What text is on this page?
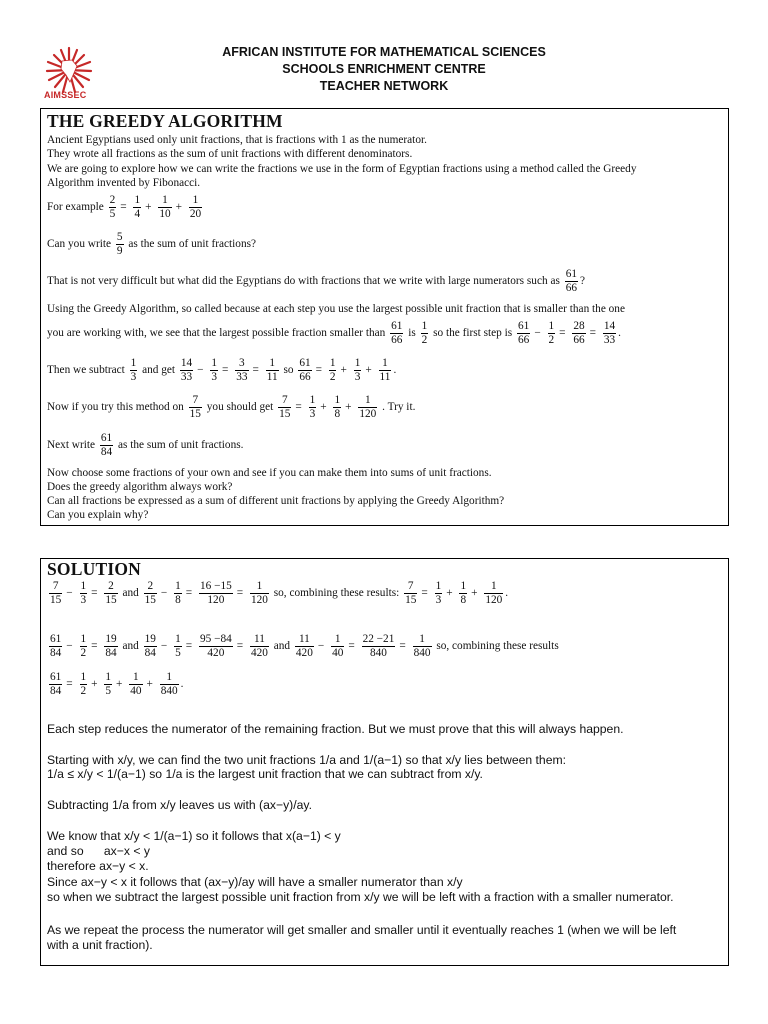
AIMSSEC
AFRICAN INSTITUTE FOR MATHEMATICAL SCIENCES
SCHOOLS ENRICHMENT CENTRE
TEACHER NETWORK
THE GREEDY ALGORITHM
Ancient Egyptians used only unit fractions, that is fractions with 1 as the numerator.
They wrote all fractions as the sum of unit fractions with different denominators.
We are going to explore how we can write the fractions we use in the form of Egyptian fractions using a method called the Greedy
Algorithm invented by Fibonacci.
For example $\frac{2}{5} = \frac{1}{4} + \frac{1}{10} + \frac{1}{20}$
Can you write $\frac{5}{9}$ as the sum of unit fractions?
That is not very difficult but what did the Egyptians do with fractions that we write with large numerators such as $\frac{61}{66}$ ?
Using the Greedy Algorithm, so called because at each step you use the largest possible unit fraction that is smaller than the one
you are working with, we see that the largest possible fraction smaller than $\frac{61}{66}$ is $\frac{1}{2}$ so the first step is $\frac{61}{66} - \frac{1}{2} = \frac{28}{66} = \frac{14}{33}$ .
Then we subtract $\frac{1}{3}$ and get $\frac{14}{33} - \frac{1}{3} = \frac{3}{33} = \frac{1}{11}$ so $\frac{61}{66} = \frac{1}{2} + \frac{1}{3} + \frac{1}{11}$ .
Now if you try this method on $\frac{7}{15}$ you should get $\frac{7}{15} = \frac{1}{3} + \frac{1}{8} + \frac{1}{120}$ . Try it.
Next write $\frac{61}{84}$ as the sum of unit fractions.
Now choose some fractions of your own and see if you can make them into sums of unit fractions.
Does the greedy algorithm always work?
Can all fractions be expressed as a sum of different unit fractions by applying the Greedy Algorithm?
Can you explain why?
SOLUTION
$\frac{7}{15} - \frac{1}{3} = \frac{2}{15}$ and $\frac{2}{15} - \frac{1}{8} = \frac{16 -15}{120} = \frac{1}{120}$ so, combining these results: $\frac{7}{15} = \frac{1}{3} + \frac{1}{8} + \frac{1}{120}$ .
$\frac{61}{84} - \frac{1}{2} = \frac{19}{84}$ and $\frac{19}{84} - \frac{1}{5} = \frac{95 -84}{420} = \frac{11}{420}$ and $\frac{11}{420} - \frac{1}{40} = \frac{22 -21}{840} = \frac{1}{840}$ so, combining these results
$\frac{61}{84} = \frac{1}{2} + \frac{1}{5} + \frac{1}{40} + \frac{1}{840}$ .
Each step reduces the numerator of the remaining fraction. But we must prove that this will always happen.
Starting with x/y, we can find the two unit fractions 1/a and 1/(a−1) so that x/y lies between them:
1/a ≤ x/y < 1/(a−1) so 1/a is the largest unit fraction that we can subtract from x/y.
Subtracting 1/a from x/y leaves us with (ax−y)/ay.
We know that x/y < 1/(a−1) so it follows that x(a−1) < y
and so      ax−x < y
therefore ax−y < x.
Since ax−y < x it follows that (ax−y)/ay will have a smaller numerator than x/y
so when we subtract the largest possible unit fraction from x/y we will be left with a fraction with a smaller numerator.
As we repeat the process the numerator will get smaller and smaller until it eventually reaches 1 (when we will be left
with a unit fraction).
